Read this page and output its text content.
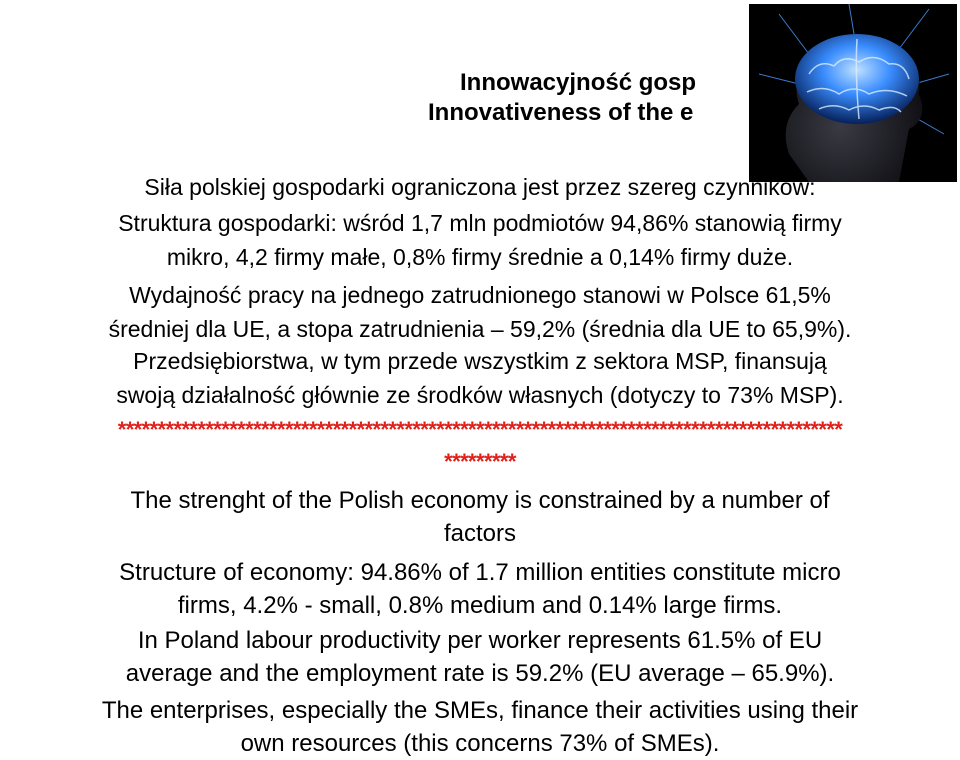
Innowacyjność gosp
Innovativeness of the e
Siła polskiej gospodarki ograniczona jest przez szereg czynników:
Struktura gospodarki: wśród 1,7 mln podmiotów 94,86% stanowią firmy
mikro, 4,2 firmy małe, 0,8% firmy średnie a 0,14% firmy duże.
Wydajność pracy na jednego zatrudnionego stanowi w Polsce 61,5%
średniej dla UE, a stopa zatrudnienia – 59,2% (średnia dla UE to 65,9%).
Przedsiębiorstwa, w tym przede wszystkim z sektora MSP, finansują
swoją działalność głównie ze środków własnych (dotyczy to 73% MSP).
*******************************************************************************************
*********
The strenght of the Polish economy is constrained by a number of
factors
Structure of economy: 94.86% of 1.7 million entities constitute micro
firms, 4.2% - small, 0.8% medium and 0.14% large firms.
In Poland labour productivity per worker represents 61.5% of EU
average and the employment rate is 59.2% (EU average – 65.9%).
The enterprises, especially the SMEs, finance their activities using their
own resources (this concerns 73% of SMEs).
